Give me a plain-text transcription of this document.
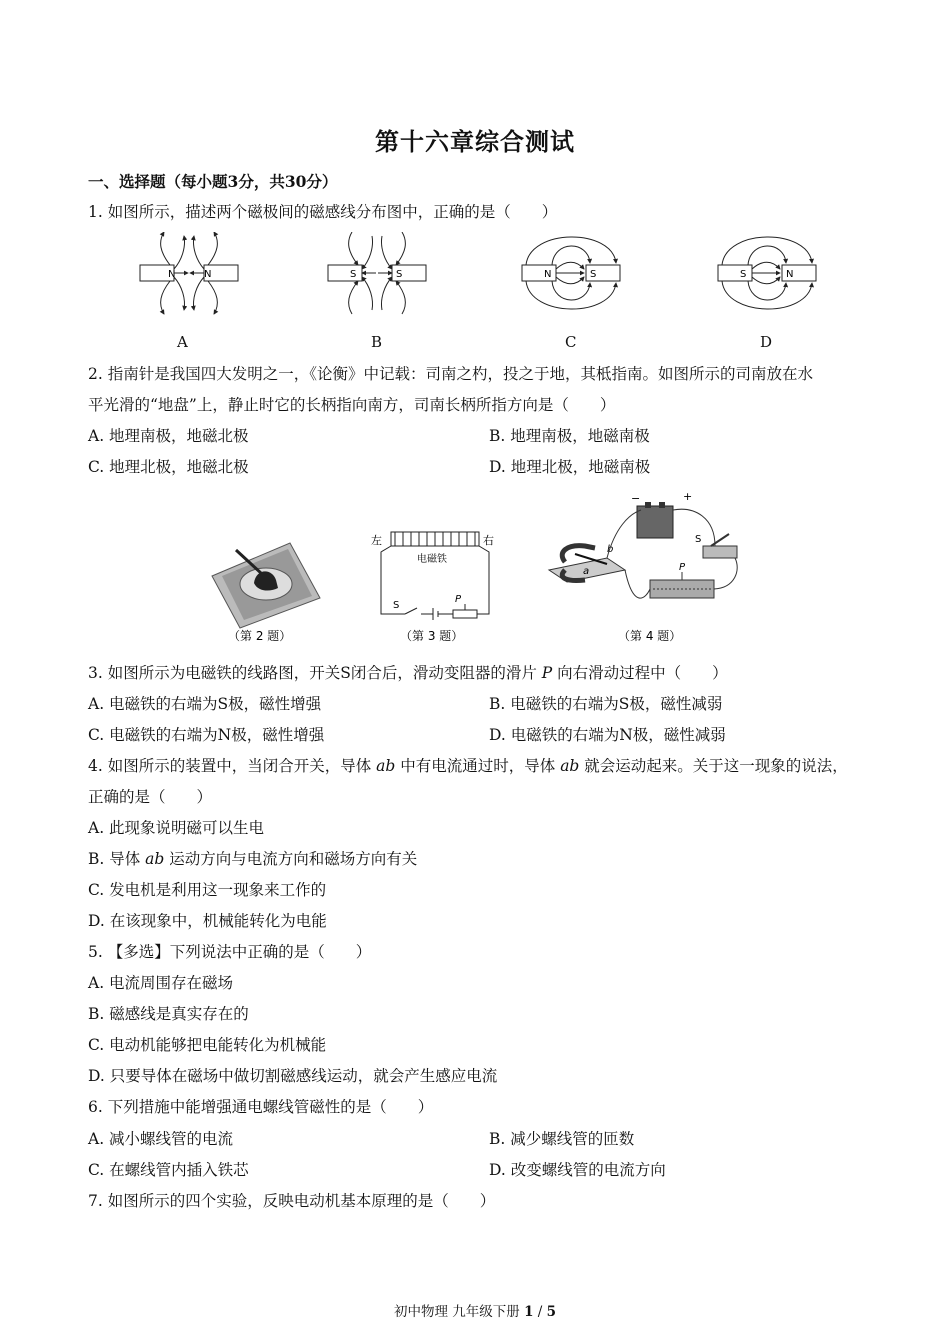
第十六章综合测试
一、选择题（每小题3分，共30分）
1. 如图所示，描述两个磁极间的磁感线分布图中，正确的是（　　）
N	N	S	S	N	S	S	N
A	B	C	D
2. 指南针是我国四大发明之一，《论衡》中记载：司南之杓，投之于地，其柢指南。如图所示的司南放在水
平光滑的“地盘”上，静止时它的长柄指向南方，司南长柄所指方向是（　　）
A. 地理南极，地磁北极	B. 地理南极，地磁南极
C. 地理北极，地磁北极	D. 地理北极，地磁南极
左	右
电磁铁
S
P
−	+
b
a
S
P
（第 2 题）	（第 3 题）	（第 4 题）
3. 如图所示为电磁铁的线路图，开关S闭合后，滑动变阻器的滑片 P 向右滑动过程中（　　）
A. 电磁铁的右端为S极，磁性增强	B. 电磁铁的右端为S极，磁性减弱
C. 电磁铁的右端为N极，磁性增强	D. 电磁铁的右端为N极，磁性减弱
4. 如图所示的装置中，当闭合开关，导体 ab 中有电流通过时，导体 ab 就会运动起来。关于这一现象的说法，
正确的是（　　）
A. 此现象说明磁可以生电
B. 导体 ab 运动方向与电流方向和磁场方向有关
C. 发电机是利用这一现象来工作的
D. 在该现象中，机械能转化为电能
5. 【多选】下列说法中正确的是（　　）
A. 电流周围存在磁场
B. 磁感线是真实存在的
C. 电动机能够把电能转化为机械能
D. 只要导体在磁场中做切割磁感线运动，就会产生感应电流
6. 下列措施中能增强通电螺线管磁性的是（　　）
A. 减小螺线管的电流	B. 减少螺线管的匝数
C. 在螺线管内插入铁芯	D. 改变螺线管的电流方向
7. 如图所示的四个实验，反映电动机基本原理的是（　　）
初中物理 九年级下册 1 / 5
